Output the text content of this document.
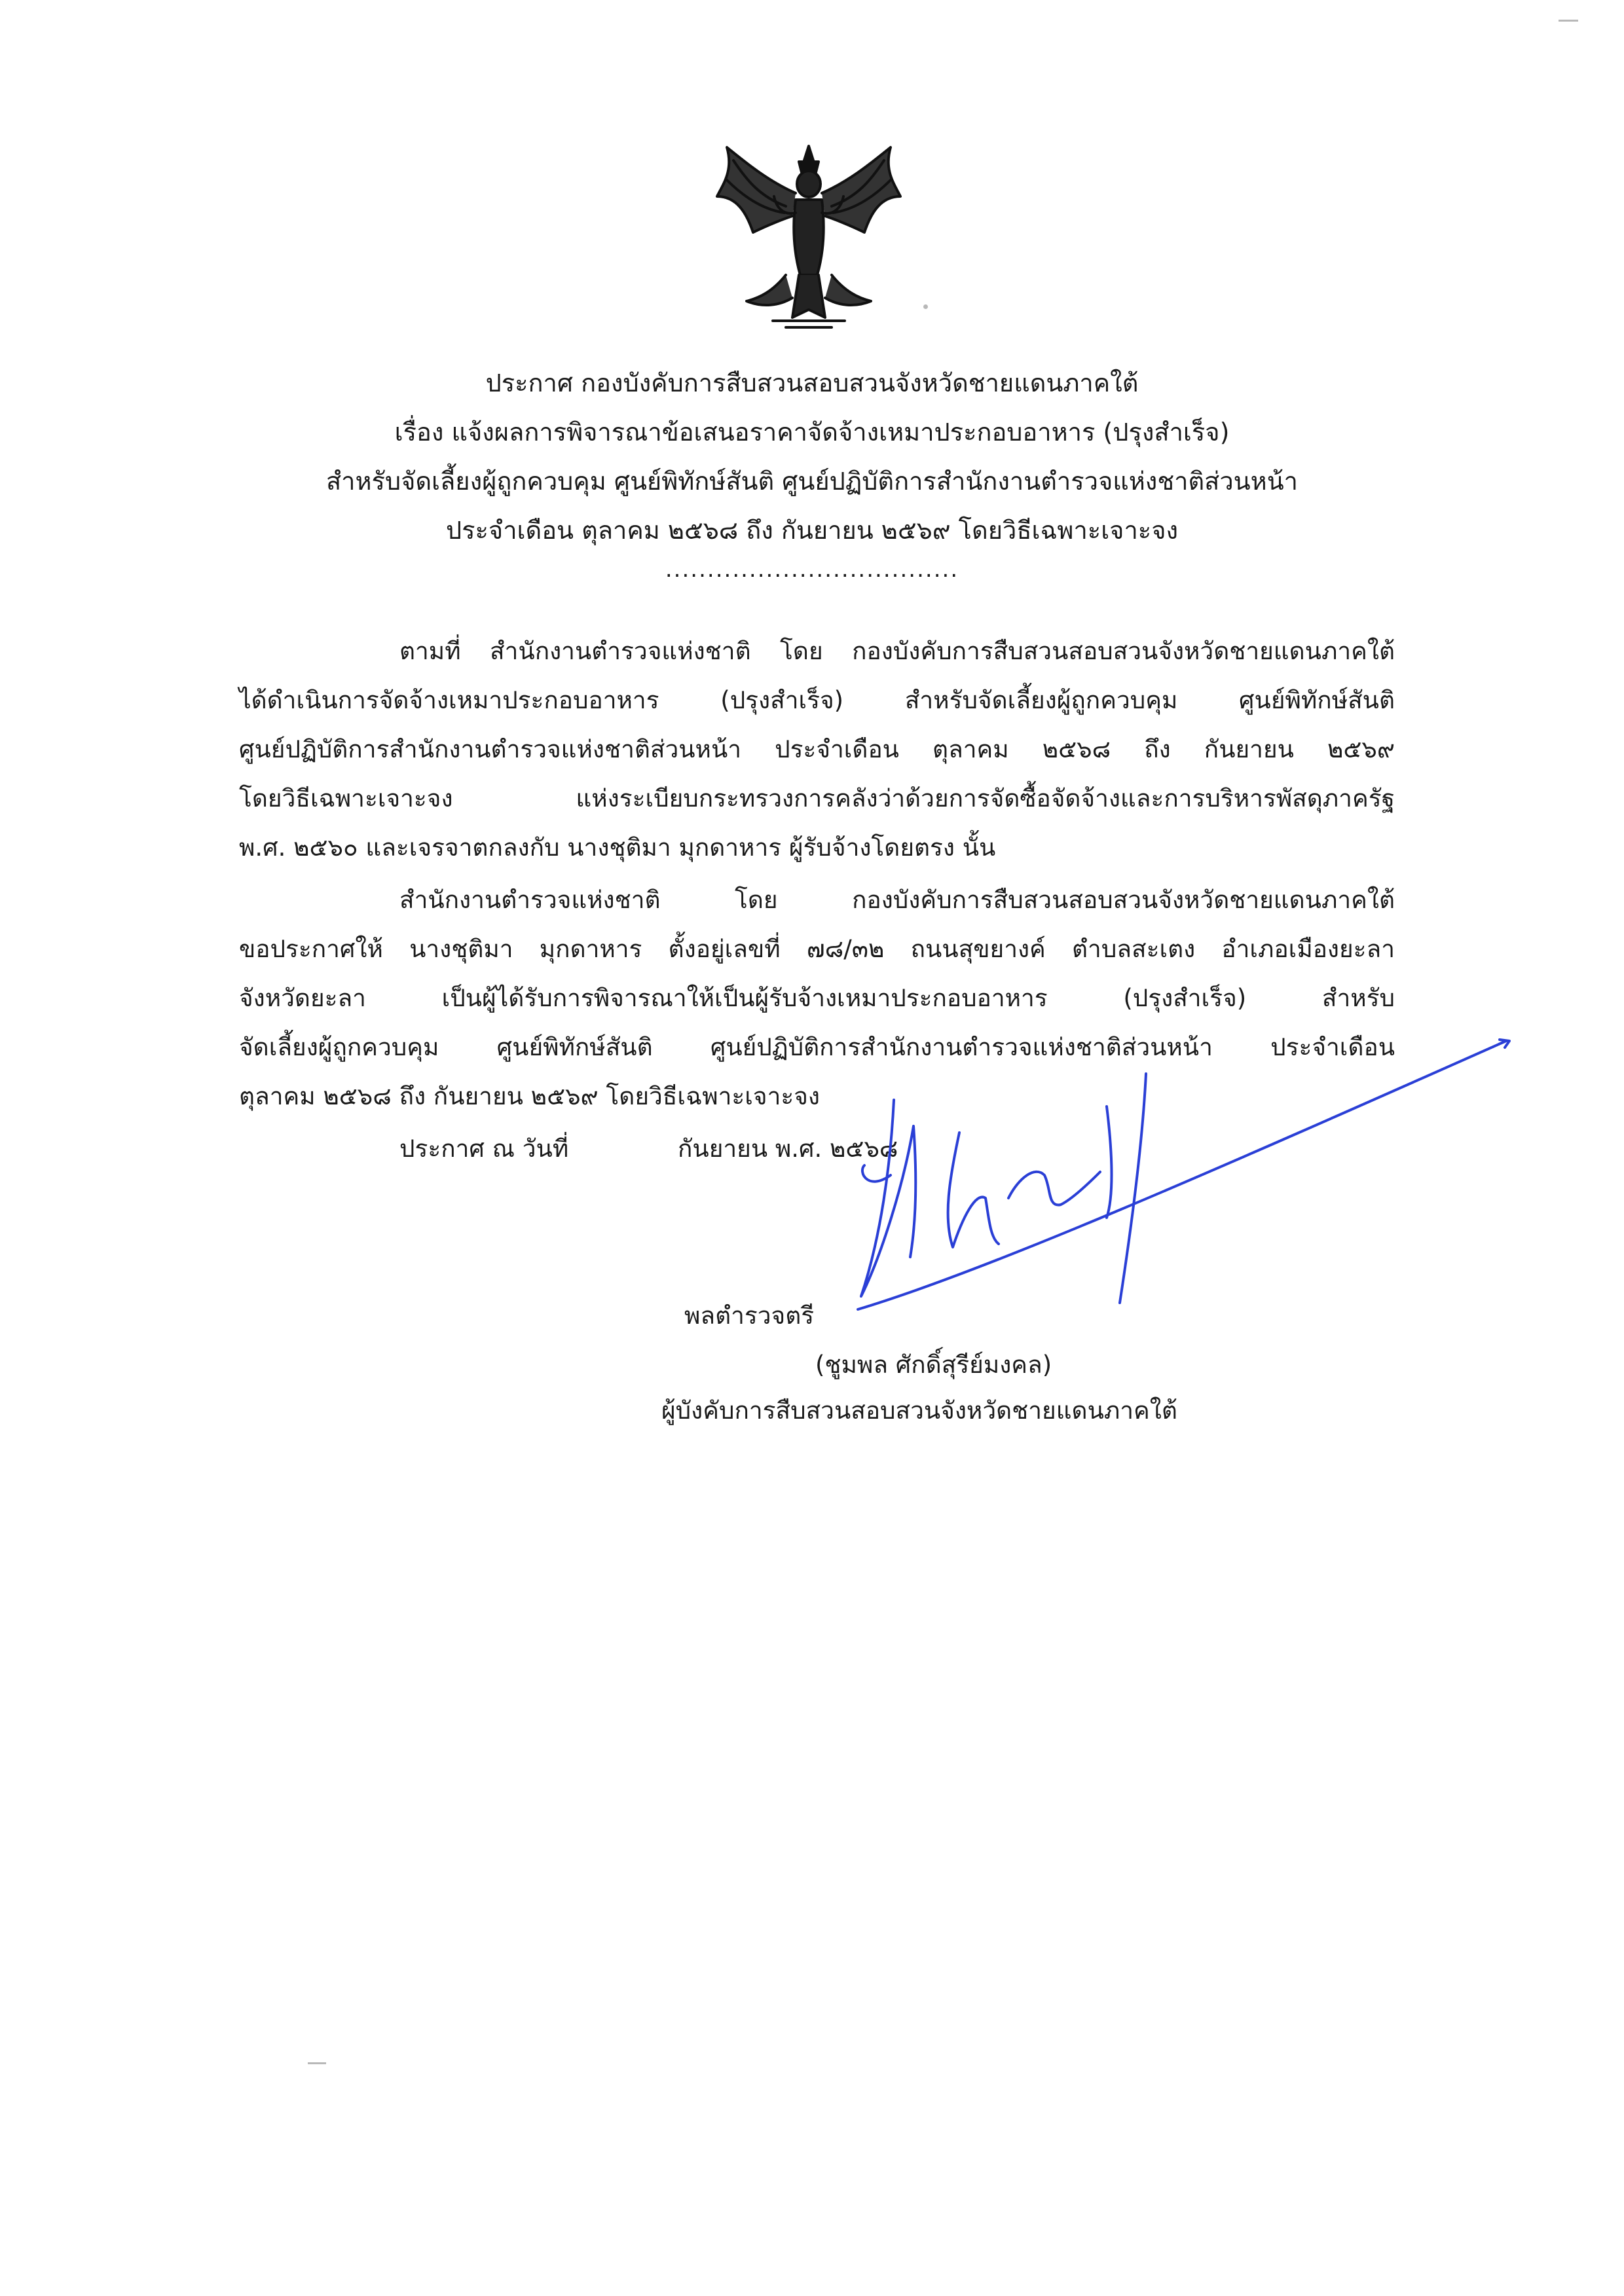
ประกาศ กองบังคับการสืบสวนสอบสวนจังหวัดชายแดนภาคใต้
เรื่อง แจ้งผลการพิจารณาข้อเสนอราคาจัดจ้างเหมาประกอบอาหาร (ปรุงสำเร็จ)
สำหรับจัดเลี้ยงผู้ถูกควบคุม ศูนย์พิทักษ์สันติ ศูนย์ปฏิบัติการสำนักงานตำรวจแห่งชาติส่วนหน้า
ประจำเดือน ตุลาคม ๒๕๖๘ ถึง กันยายน ๒๕๖๙ โดยวิธีเฉพาะเจาะจง
...................................
ตามที่ สำนักงานตำรวจแห่งชาติ โดย กองบังคับการสืบสวนสอบสวนจังหวัดชายแดนภาคใต้
ได้ดำเนินการจัดจ้างเหมาประกอบอาหาร (ปรุงสำเร็จ) สำหรับจัดเลี้ยงผู้ถูกควบคุม ศูนย์พิทักษ์สันติ
ศูนย์ปฏิบัติการสำนักงานตำรวจแห่งชาติส่วนหน้า ประจำเดือน ตุลาคม ๒๕๖๘ ถึง กันยายน ๒๕๖๙
โดยวิธีเฉพาะเจาะจง แห่งระเบียบกระทรวงการคลังว่าด้วยการจัดซื้อจัดจ้างและการบริหารพัสดุภาครัฐ
พ.ศ. ๒๕๖๐ และเจรจาตกลงกับ นางชุติมา มุกดาหาร ผู้รับจ้างโดยตรง นั้น
สำนักงานตำรวจแห่งชาติ โดย กองบังคับการสืบสวนสอบสวนจังหวัดชายแดนภาคใต้
ขอประกาศให้ นางชุติมา มุกดาหาร ตั้งอยู่เลขที่ ๗๘/๓๒ ถนนสุขยางค์ ตำบลสะเตง อำเภอเมืองยะลา
จังหวัดยะลา เป็นผู้ได้รับการพิจารณาให้เป็นผู้รับจ้างเหมาประกอบอาหาร (ปรุงสำเร็จ) สำหรับ
จัดเลี้ยงผู้ถูกควบคุม ศูนย์พิทักษ์สันติ ศูนย์ปฏิบัติการสำนักงานตำรวจแห่งชาติส่วนหน้า ประจำเดือน
ตุลาคม ๒๕๖๘ ถึง กันยายน ๒๕๖๙ โดยวิธีเฉพาะเจาะจง
ประกาศ ณ วันที่	กันยายน พ.ศ. ๒๕๖๘
พลตำรวจตรี
(ชูมพล ศักดิ์สุรีย์มงคล)
ผู้บังคับการสืบสวนสอบสวนจังหวัดชายแดนภาคใต้
